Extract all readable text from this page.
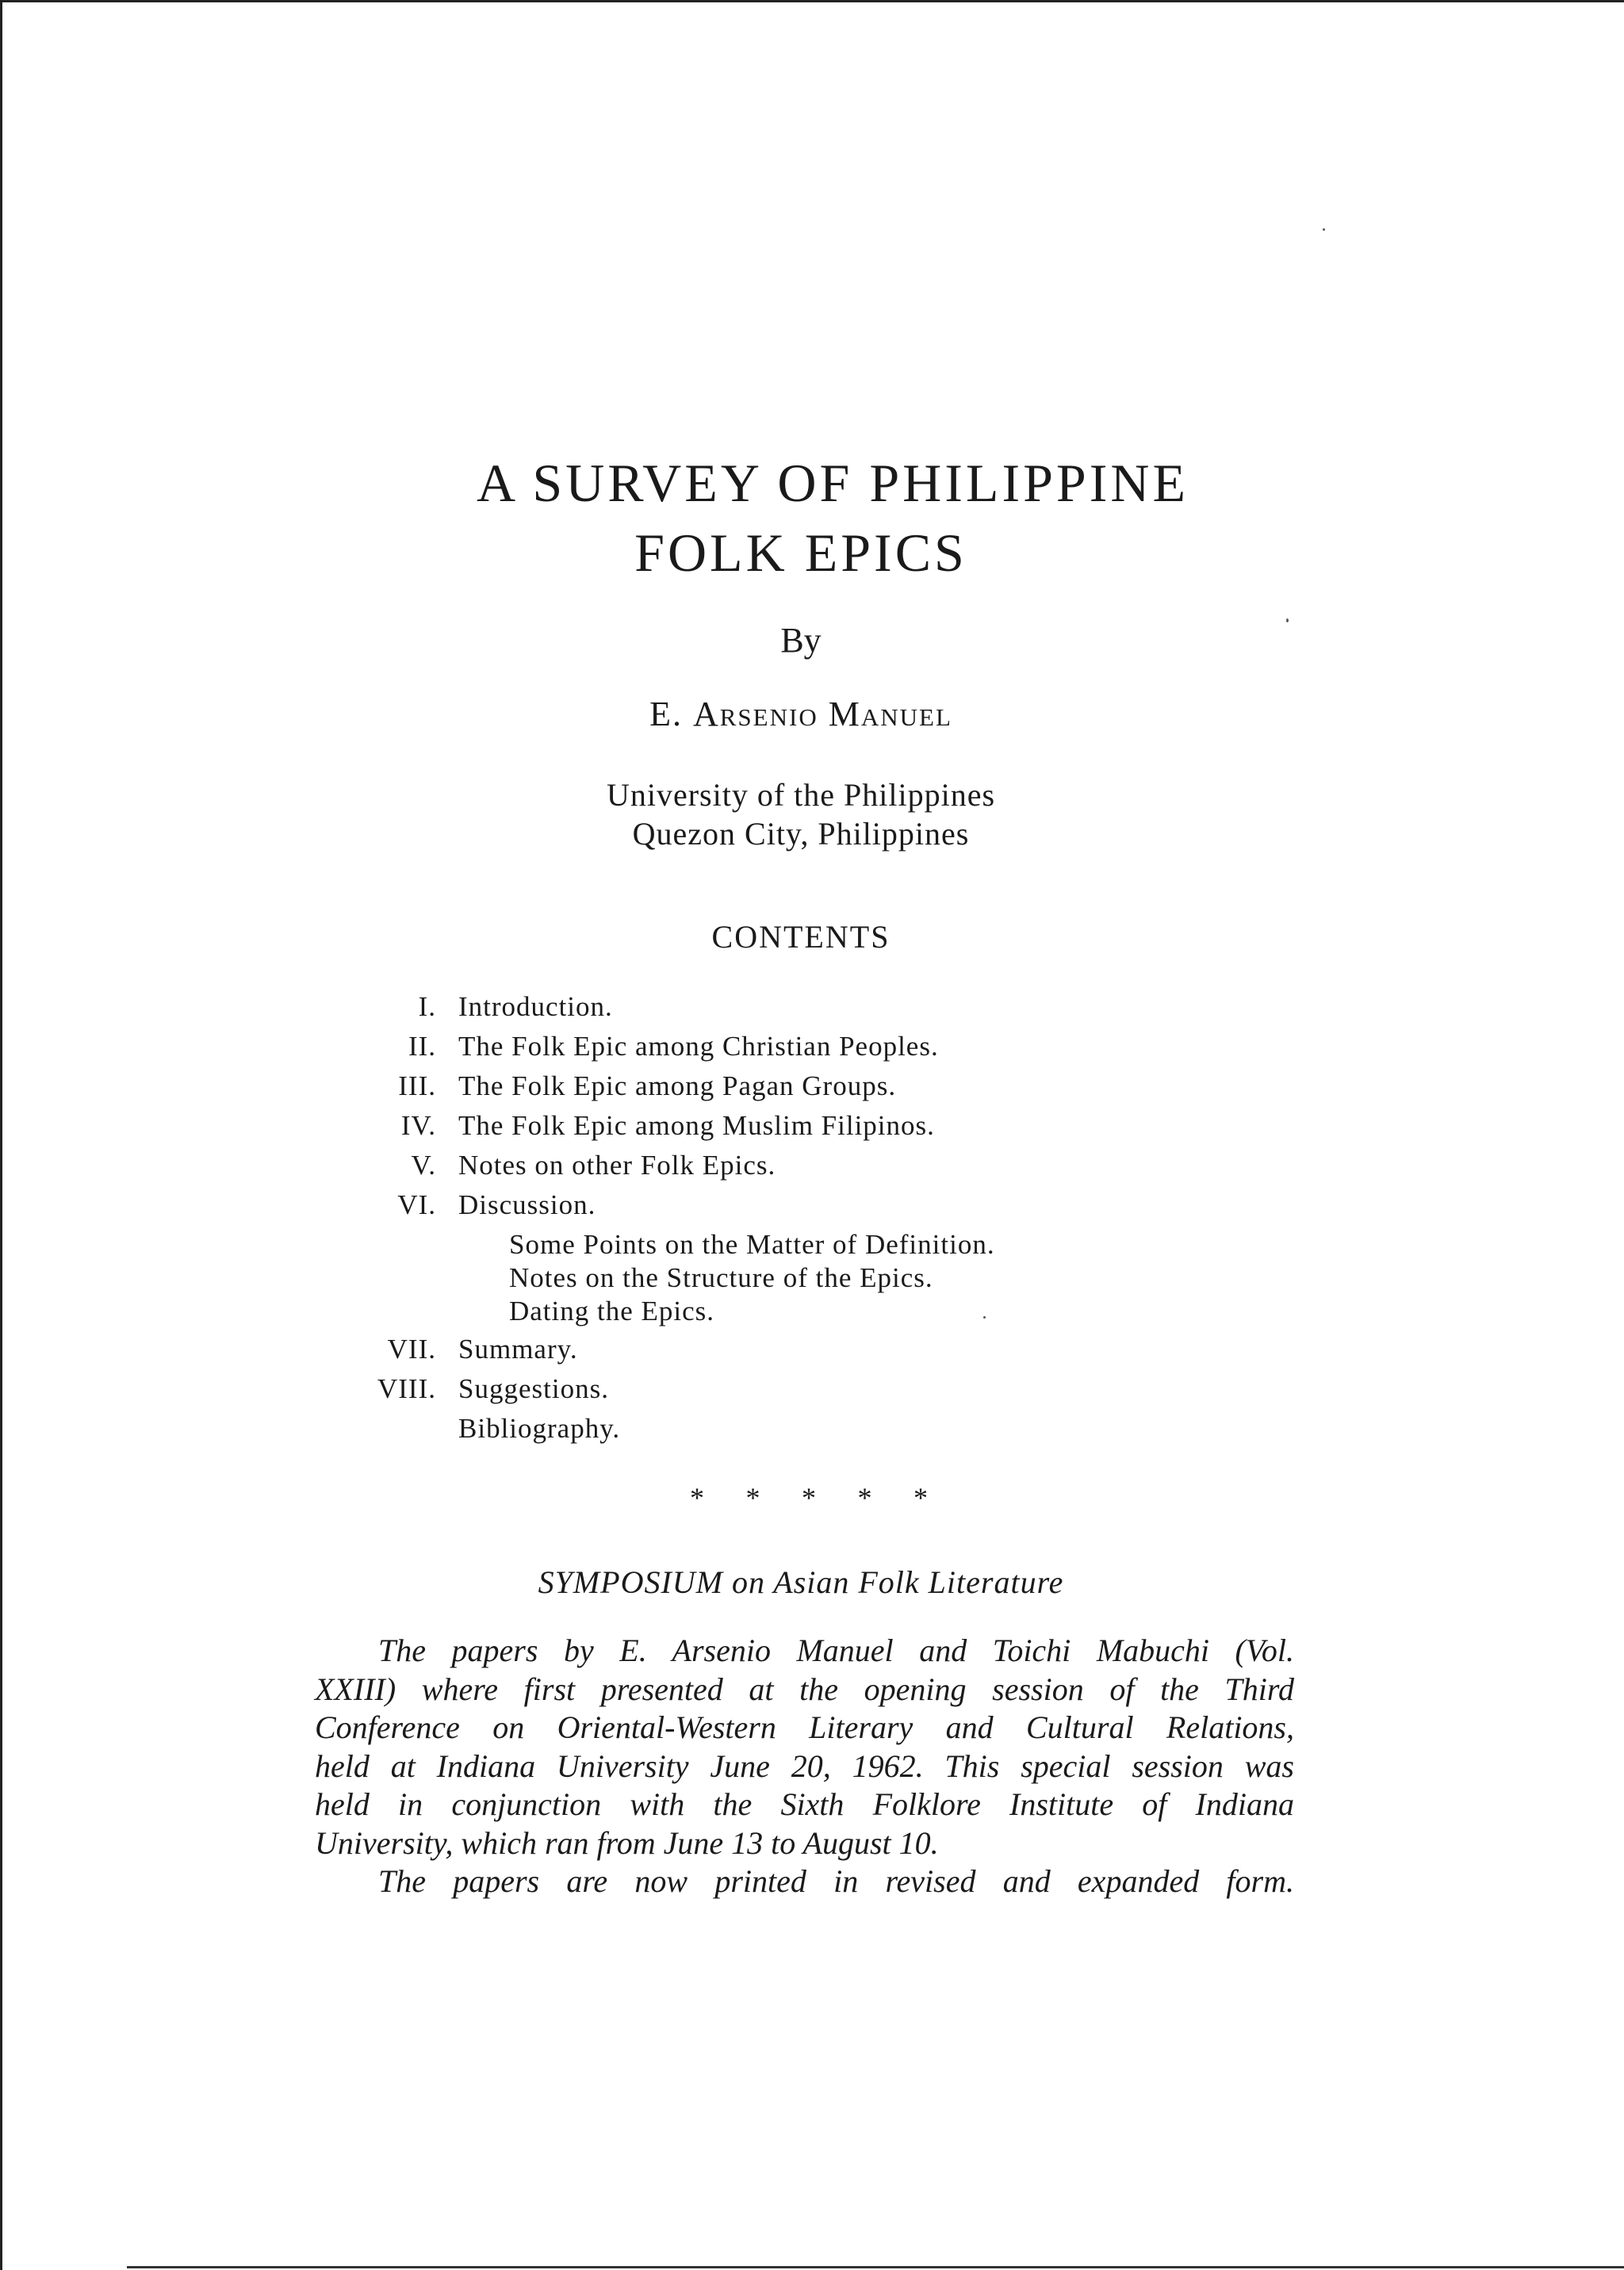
A SURVEY OF PHILIPPINE
FOLK EPICS

By

E. Arsenio Manuel

University of the Philippines

Quezon City, Philippines

CONTENTS

I. Introduction.
II. The Folk Epic among Christian Peoples.
III. The Folk Epic among Pagan Groups.
IV. The Folk Epic among Muslim Filipinos.
V. Notes on other Folk Epics.
VI. Discussion.
Some Points on the Matter of Definition.
Notes on the Structure of the Epics.
Dating the Epics.
VII. Summary.
VIII. Suggestions.
Bibliography.
* * * * *

SYMPOSIUM on Asian Folk Literature

The papers by E. Arsenio Manuel and Toichi Mabuchi (Vol.
XXIII) where first presented at the opening session of the Third
Conference on Oriental-Western Literary and Cultural Relations,
held at Indiana University June 20, 1962. This special session was
held in conjunction with the Sixth Folklore Institute of Indiana
University, which ran from June 13 to August 10.

The papers are now printed in revised and expanded form.
